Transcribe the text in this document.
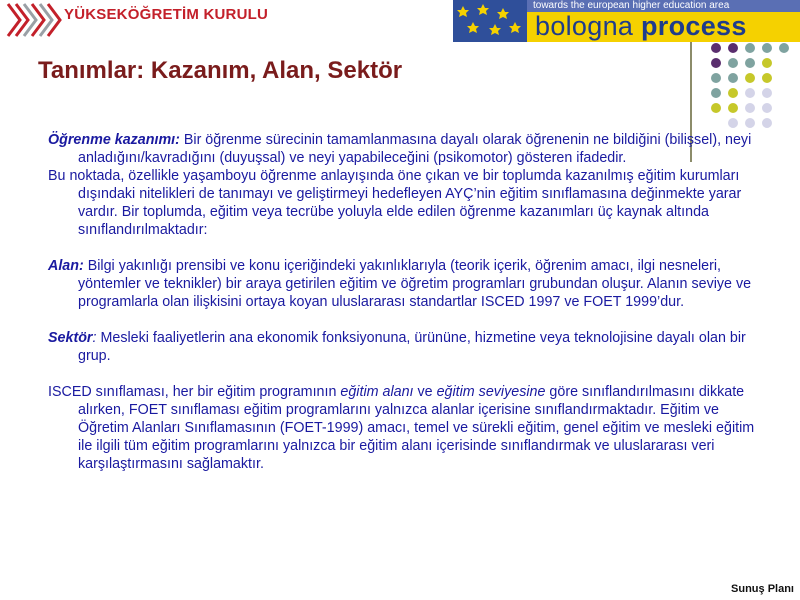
YÜKSEKÖĞRETİM KURULU
towards the european higher education area
bologna process
Tanımlar: Kazanım, Alan, Sektör

Öğrenme kazanımı: Bir öğrenme sürecinin tamamlanmasına dayalı olarak öğrenenin ne bildiğini (bilişsel), neyi anladığını/kavradığını (duyuşsal) ve neyi yapabileceğini (psikomotor) gösteren ifadedir.

Bu noktada, özellikle yaşamboyu öğrenme anlayışında öne çıkan ve bir toplumda kazanılmış eğitim kurumları dışındaki nitelikleri de tanımayı ve geliştirmeyi hedefleyen AYÇ’nin eğitim sınıflamasına değinmekte yarar vardır. Bir toplumda, eğitim veya tecrübe yoluyla elde edilen öğrenme kazanımları üç kaynak altında sınıflandırılmaktadır:

Alan: Bilgi yakınlığı prensibi ve konu içeriğindeki yakınlıklarıyla (teorik içerik, öğrenim amacı, ilgi nesneleri, yöntemler ve teknikler) bir araya getirilen eğitim ve öğretim programları grubundan oluşur. Alanın seviye ve programlarla olan ilişkisini ortaya koyan uluslararası standartlar ISCED 1997 ve FOET 1999’dur.

Sektör: Mesleki faaliyetlerin ana ekonomik fonksiyonuna, ürününe, hizmetine veya teknolojisine dayalı olan bir grup.

ISCED sınıflaması, her bir eğitim programının eğitim alanı ve eğitim seviyesine göre sınıflandırılmasını dikkate alırken, FOET sınıflaması eğitim programlarını yalnızca alanlar içerisine sınıflandırmaktadır. Eğitim ve Öğretim Alanları Sınıflamasının (FOET-1999) amacı, temel ve sürekli eğitim, genel eğitim ve mesleki eğitim ile ilgili tüm eğitim programlarını yalnızca bir eğitim alanı içerisinde sınıflandırmak ve uluslararası veri karşılaştırmasını sağlamaktır.

Sunuş Planı
